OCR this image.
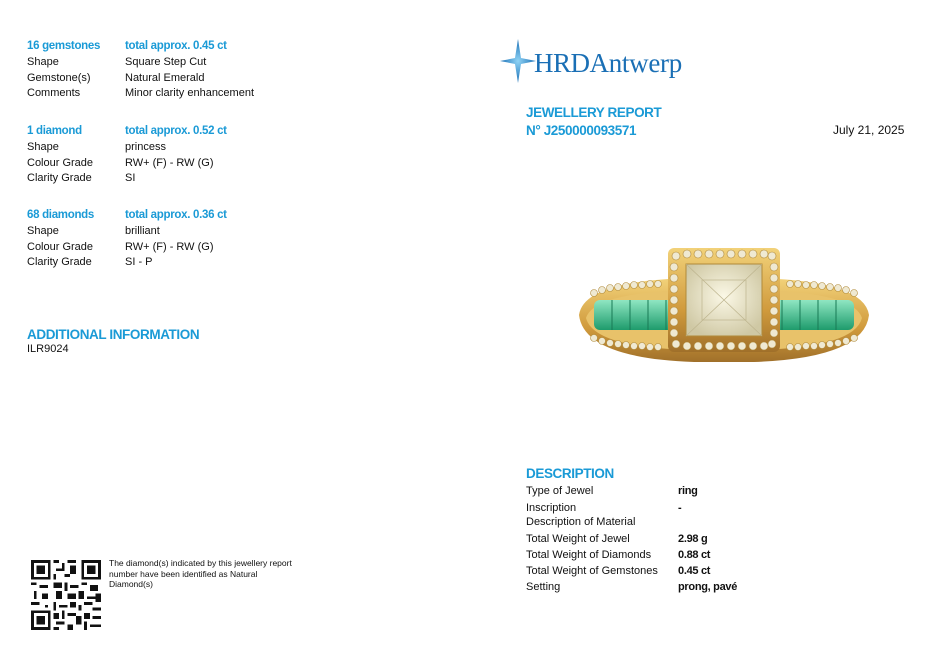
16 gemstones	total approx. 0.45 ct
Shape	Square Step Cut
Gemstone(s)	Natural Emerald
Comments	Minor clarity enhancement
1 diamond	total approx. 0.52 ct
Shape	princess
Colour Grade	RW+ (F) - RW (G)
Clarity Grade	SI
68 diamonds	total approx. 0.36 ct
Shape	brilliant
Colour Grade	RW+ (F) - RW (G)
Clarity Grade	SI - P
ADDITIONAL INFORMATION
ILR9024
HRDAntwerp
JEWELLERY REPORT
N° J250000093571	July 21, 2025
DESCRIPTION
Type of Jewel	ring
Inscription	-
Description of Material
Total Weight of Jewel	2.98 g
Total Weight of Diamonds	0.88 ct
Total Weight of Gemstones	0.45 ct
Setting	prong, pavé
The diamond(s) indicated by this jewellery report number have been identified as Natural Diamond(s)
